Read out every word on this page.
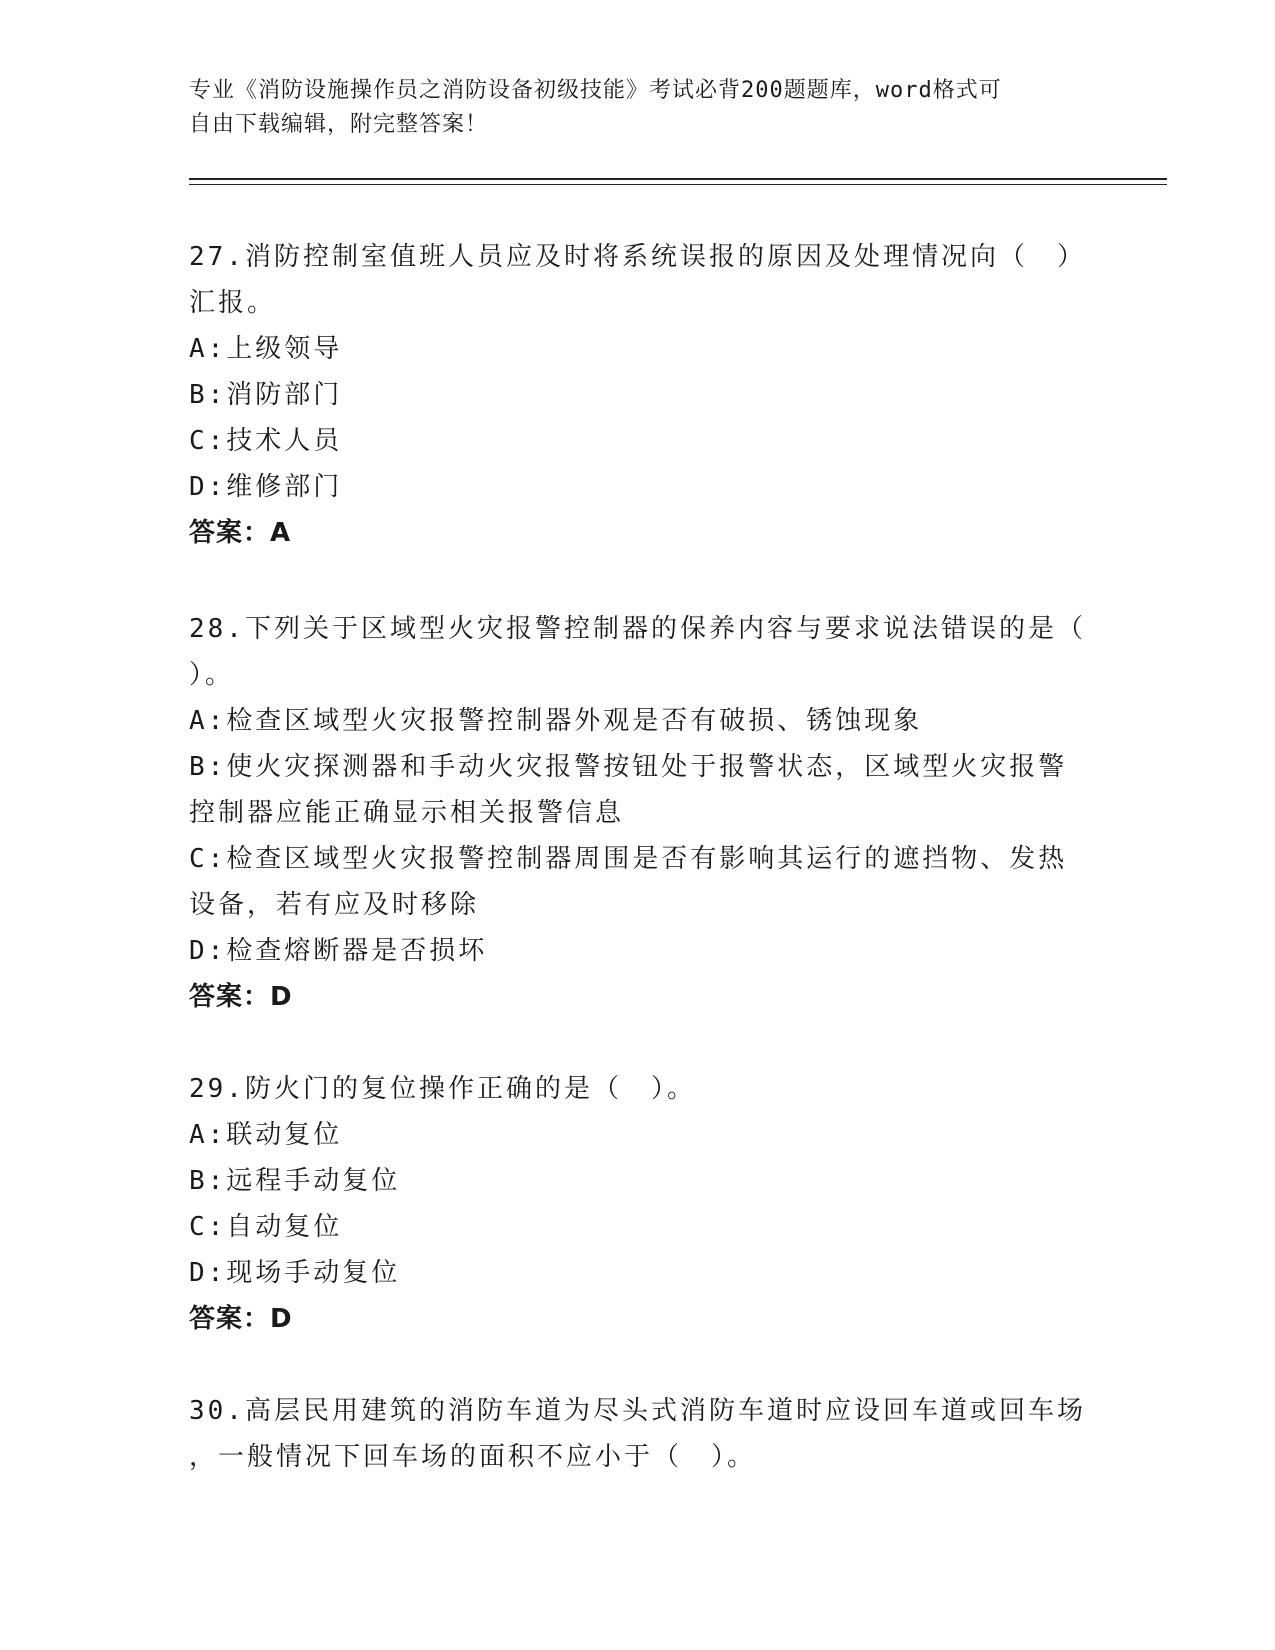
专业《消防设施操作员之消防设备初级技能》考试必背200题题库，word格式可
自由下载编辑，附完整答案！
27.消防控制室值班人员应及时将系统误报的原因及处理情况向（　）
汇报。
A:上级领导
B:消防部门
C:技术人员
D:维修部门
答案：A
28.下列关于区域型火灾报警控制器的保养内容与要求说法错误的是（
）。
A:检查区域型火灾报警控制器外观是否有破损、锈蚀现象
B:使火灾探测器和手动火灾报警按钮处于报警状态，区域型火灾报警
控制器应能正确显示相关报警信息
C:检查区域型火灾报警控制器周围是否有影响其运行的遮挡物、发热
设备，若有应及时移除
D:检查熔断器是否损坏
答案：D
29.防火门的复位操作正确的是（　）。
A:联动复位
B:远程手动复位
C:自动复位
D:现场手动复位
答案：D
30.高层民用建筑的消防车道为尽头式消防车道时应设回车道或回车场
，一般情况下回车场的面积不应小于（　）。
